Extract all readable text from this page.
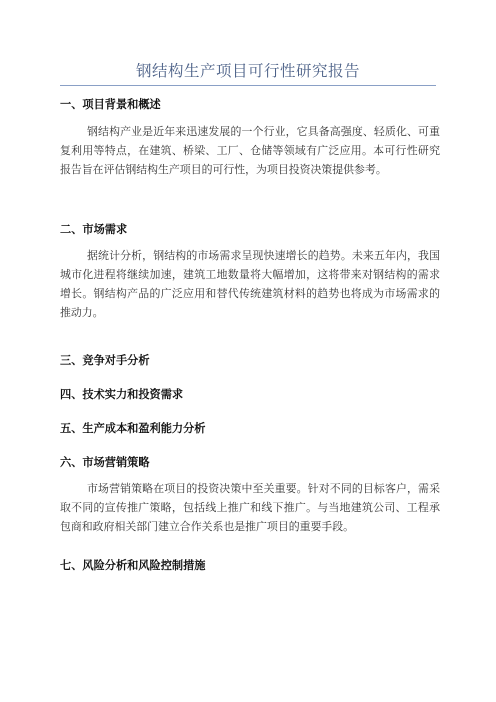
钢结构生产项目可行性研究报告
一、项目背景和概述

钢结构产业是近年来迅速发展的一个行业，它具备高强度、轻质化、可重复利用等特点，在建筑、桥梁、工厂、仓储等领域有广泛应用。本可行性研究报告旨在评估钢结构生产项目的可行性，为项目投资决策提供参考。

二、市场需求

据统计分析，钢结构的市场需求呈现快速增长的趋势。未来五年内，我国城市化进程将继续加速，建筑工地数量将大幅增加，这将带来对钢结构的需求增长。钢结构产品的广泛应用和替代传统建筑材料的趋势也将成为市场需求的推动力。

三、竞争对手分析
四、技术实力和投资需求
五、生产成本和盈利能力分析
六、市场营销策略

市场营销策略在项目的投资决策中至关重要。针对不同的目标客户，需采取不同的宣传推广策略，包括线上推广和线下推广。与当地建筑公司、工程承包商和政府相关部门建立合作关系也是推广项目的重要手段。

七、风险分析和风险控制措施
